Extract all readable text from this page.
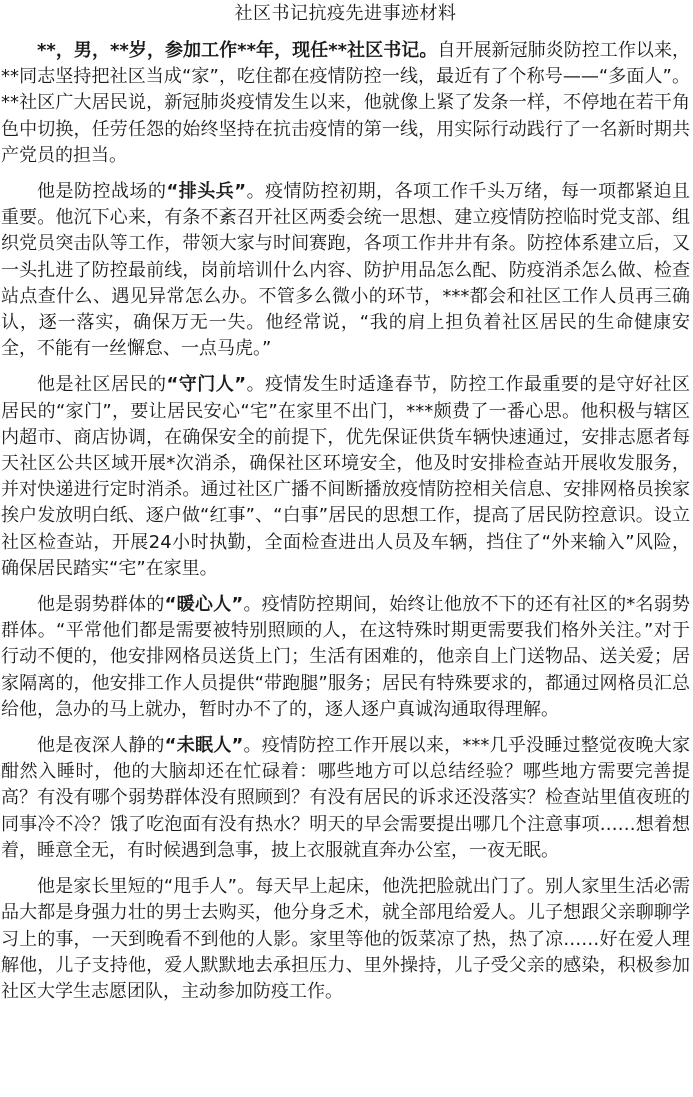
社区书记抗疫先进事迹材料

**，男，**岁，参加工作**年，现任**社区书记。自开展新冠肺炎防控工作以来，**同志坚持把社区当成“家”，吃住都在疫情防控一线，最近有了个称号——“多面人”。**社区广大居民说，新冠肺炎疫情发生以来，他就像上紧了发条一样，不停地在若干角色中切换，任劳任怨的始终坚持在抗击疫情的第一线，用实际行动践行了一名新时期共产党员的担当。

他是防控战场的“排头兵”。疫情防控初期，各项工作千头万绪，每一项都紧迫且重要。他沉下心来，有条不紊召开社区两委会统一思想、建立疫情防控临时党支部、组织党员突击队等工作，带领大家与时间赛跑，各项工作井井有条。防控体系建立后，又一头扎进了防控最前线，岗前培训什么内容、防护用品怎么配、防疫消杀怎么做、检查站点查什么、遇见异常怎么办。不管多么微小的环节，***都会和社区工作人员再三确认，逐一落实，确保万无一失。他经常说，“我的肩上担负着社区居民的生命健康安全，不能有一丝懈怠、一点马虎。”

他是社区居民的“守门人”。疫情发生时适逢春节，防控工作最重要的是守好社区居民的“家门”，要让居民安心“宅”在家里不出门，***颇费了一番心思。他积极与辖区内超市、商店协调，在确保安全的前提下，优先保证供货车辆快速通过，安排志愿者每天社区公共区域开展*次消杀，确保社区环境安全，他及时安排检查站开展收发服务，并对快递进行定时消杀。通过社区广播不间断播放疫情防控相关信息、安排网格员挨家挨户发放明白纸、逐户做“红事”、“白事”居民的思想工作，提高了居民防控意识。设立社区检查站，开展24小时执勤，全面检查进出人员及车辆，挡住了“外来输入”风险，确保居民踏实“宅”在家里。

他是弱势群体的“暖心人”。疫情防控期间，始终让他放不下的还有社区的*名弱势群体。“平常他们都是需要被特别照顾的人，在这特殊时期更需要我们格外关注。”对于行动不便的，他安排网格员送货上门；生活有困难的，他亲自上门送物品、送关爱；居家隔离的，他安排工作人员提供“带跑腿”服务；居民有特殊要求的，都通过网格员汇总给他，急办的马上就办，暂时办不了的，逐人逐户真诚沟通取得理解。

他是夜深人静的“未眠人”。疫情防控工作开展以来，***几乎没睡过整觉夜晚大家酣然入睡时，他的大脑却还在忙碌着：哪些地方可以总结经验？哪些地方需要完善提高？有没有哪个弱势群体没有照顾到？有没有居民的诉求还没落实？检查站里值夜班的同事冷不冷？饿了吃泡面有没有热水？明天的早会需要提出哪几个注意事项……想着想着，睡意全无，有时候遇到急事，披上衣服就直奔办公室，一夜无眠。

他是家长里短的“甩手人”。每天早上起床，他洗把脸就出门了。别人家里生活必需品大都是身强力壮的男士去购买，他分身乏术，就全部甩给爱人。儿子想跟父亲聊聊学习上的事，一天到晚看不到他的人影。家里等他的饭菜凉了热，热了凉……好在爱人理解他，儿子支持他，爱人默默地去承担压力、里外操持，儿子受父亲的感染，积极参加社区大学生志愿团队，主动参加防疫工作。
